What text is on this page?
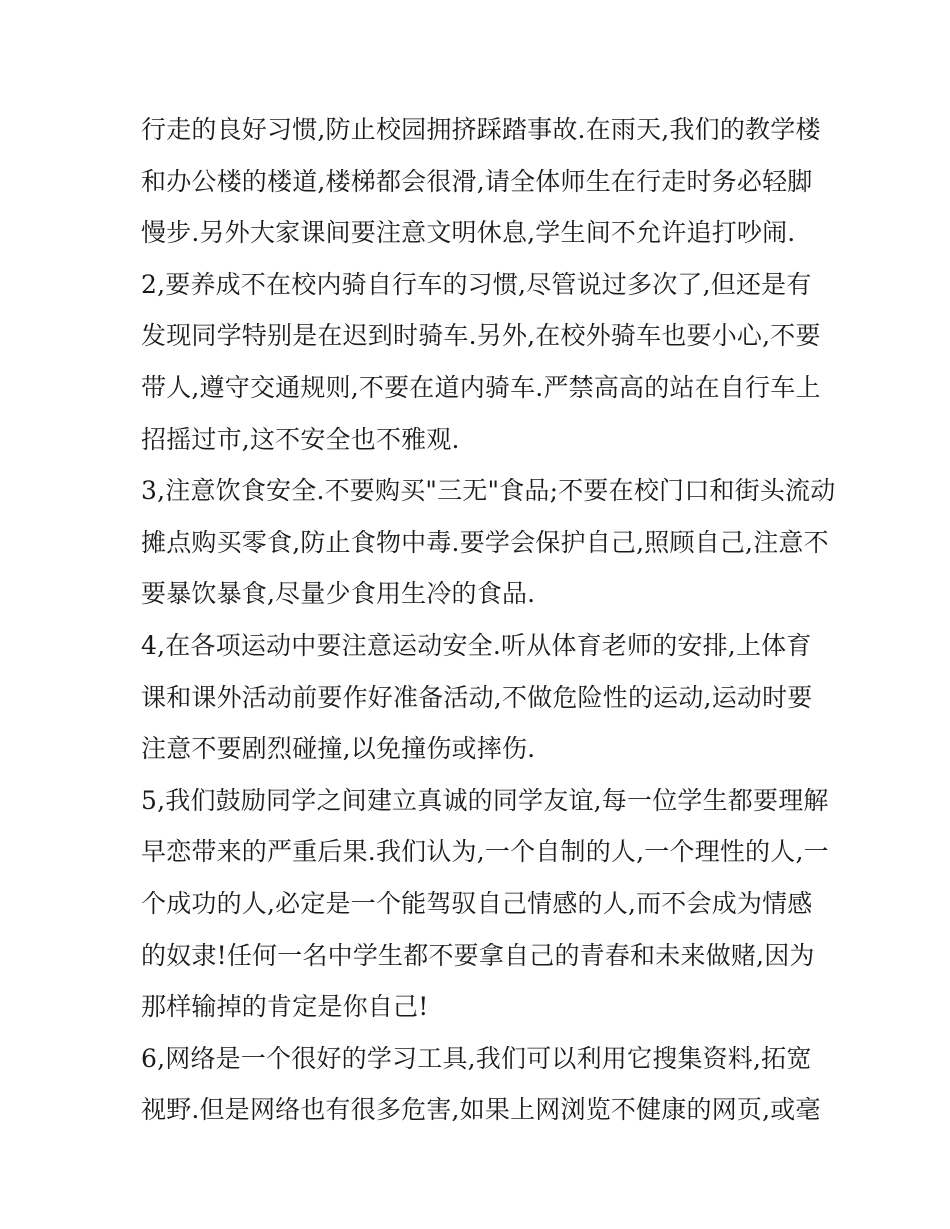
行走的良好习惯,防止校园拥挤踩踏事故.在雨天,我们的教学楼
和办公楼的楼道,楼梯都会很滑,请全体师生在行走时务必轻脚
慢步.另外大家课间要注意文明休息,学生间不允许追打吵闹.
2,要养成不在校内骑自行车的习惯,尽管说过多次了,但还是有
发现同学特别是在迟到时骑车.另外,在校外骑车也要小心,不要
带人,遵守交通规则,不要在道内骑车.严禁高高的站在自行车上
招摇过市,这不安全也不雅观.
3,注意饮食安全.不要购买"三无"食品;不要在校门口和街头流动
摊点购买零食,防止食物中毒.要学会保护自己,照顾自己,注意不
要暴饮暴食,尽量少食用生冷的食品.
4,在各项运动中要注意运动安全.听从体育老师的安排,上体育
课和课外活动前要作好准备活动,不做危险性的运动,运动时要
注意不要剧烈碰撞,以免撞伤或摔伤.
5,我们鼓励同学之间建立真诚的同学友谊,每一位学生都要理解
早恋带来的严重后果.我们认为,一个自制的人,一个理性的人,一
个成功的人,必定是一个能驾驭自己情感的人,而不会成为情感
的奴隶!任何一名中学生都不要拿自己的青春和未来做赌,因为
那样输掉的肯定是你自己!
6,网络是一个很好的学习工具,我们可以利用它搜集资料,拓宽
视野.但是网络也有很多危害,如果上网浏览不健康的网页,或毫
